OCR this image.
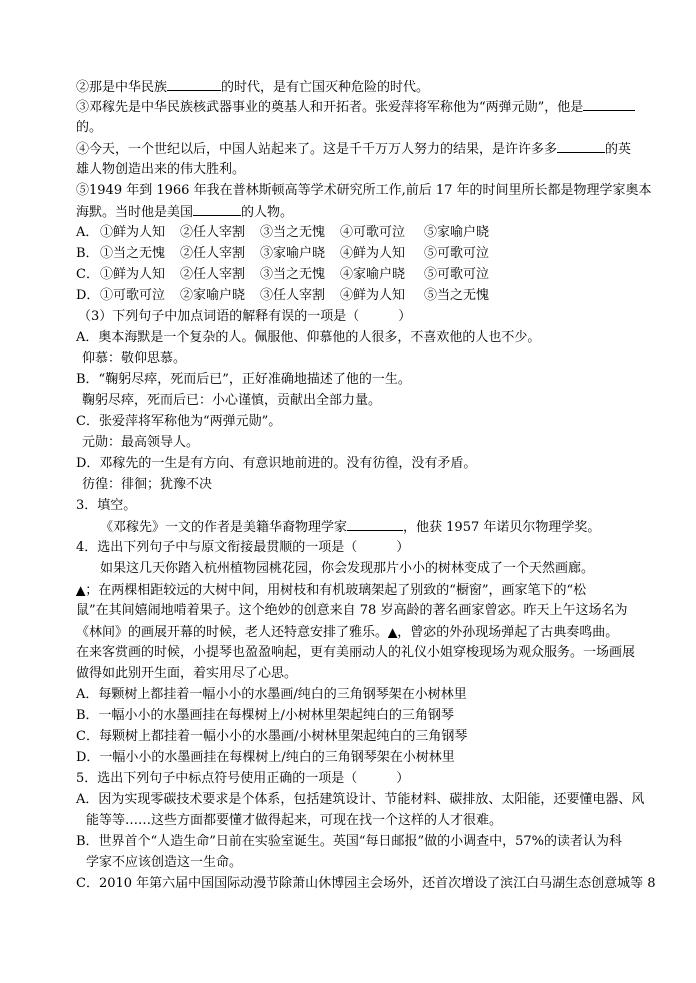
②那是中华民族	的时代，是有亡国灭种危险的时代。
③邓稼先是中华民族核武器事业的奠基人和开拓者。张爱萍将军称他为“两弹元勋”，他是
的。
④今天，一个世纪以后，中国人站起来了。这是千千万万人努力的结果，是许许多多	的英
雄人物创造出来的伟大胜利。
⑤1949 年到 1966 年我在普林斯顿高等学术研究所工作,前后 17 年的时间里所长都是物理学家奥本
海默。当时他是美国	的人物。
A． ①鲜为人知 ②任人宰割 ③当之无愧 ④可歌可泣 ⑤家喻户晓
B．①当之无愧 ②任人宰割 ③家喻户晓 ④鲜为人知 ⑤可歌可泣
C．①鲜为人知 ②任人宰割 ③当之无愧 ④家喻户晓 ⑤可歌可泣
D．①可歌可泣 ②家喻户晓 ③任人宰割 ④鲜为人知 ⑤当之无愧
（3）下列句子中加点词语的解释有误的一项是（　　　）
A．奥本海默是一个复杂的人。佩服他、仰慕他的人很多，不喜欢他的人也不少。
仰慕：敬仰思慕。
B．“鞠躬尽瘁，死而后已”，正好准确地描述了他的一生。
鞠躬尽瘁，死而后已：小心谨慎，贡献出全部力量。
C．张爱萍将军称他为“两弹元勋”。
元勋：最高领导人。
D．邓稼先的一生是有方向、有意识地前进的。没有彷徨，没有矛盾。
彷徨：徘徊；犹豫不决
3．填空。
《邓稼先》一文的作者是美籍华裔物理学家	，他获 1957 年诺贝尔物理学奖。
4．选出下列句子中与原文衔接最贯顺的一项是（　　　）
如果这几天你踏入杭州植物园桃花园，你会发现那片小小的树林变成了一个天然画廊。
▲；在两棵相距较远的大树中间，用树枝和有机玻璃架起了别致的“橱窗”，画家笔下的“松
鼠”在其间嬉闹地啃着果子。这个绝妙的创意来自 78 岁高龄的著名画家曾宓。昨天上午这场名为
《林间》的画展开幕的时候，老人还特意安排了雅乐。▲，曾宓的外孙现场弹起了古典奏鸣曲。
在来客赏画的时候，小提琴也盈盈响起，更有美丽动人的礼仪小姐穿梭现场为观众服务。一场画展
做得如此别开生面，着实用尽了心思。
A．每颗树上都挂着一幅小小的水墨画/纯白的三角钢琴架在小树林里
B．一幅小小的水墨画挂在每棵树上/小树林里架起纯白的三角钢琴
C．每颗树上都挂着一幅小小的水墨画/小树林里架起纯白的三角钢琴
D．一幅小小的水墨画挂在每棵树上/纯白的三角钢琴架在小树林里
5．选出下列句子中标点符号使用正确的一项是（　　　）
A．因为实现零碳技术要求是个体系，包括建筑设计、节能材料、碳排放、太阳能，还要懂电器、风
能等等……这些方面都要懂才做得起来，可现在找一个这样的人才很难。
B．世界首个“人造生命”日前在实验室诞生。英国“每日邮报”做的小调查中，57%的读者认为科
学家不应该创造这一生命。
C．2010 年第六届中国国际动漫节除萧山休博园主会场外，还首次增设了滨江白马湖生态创意城等 8
